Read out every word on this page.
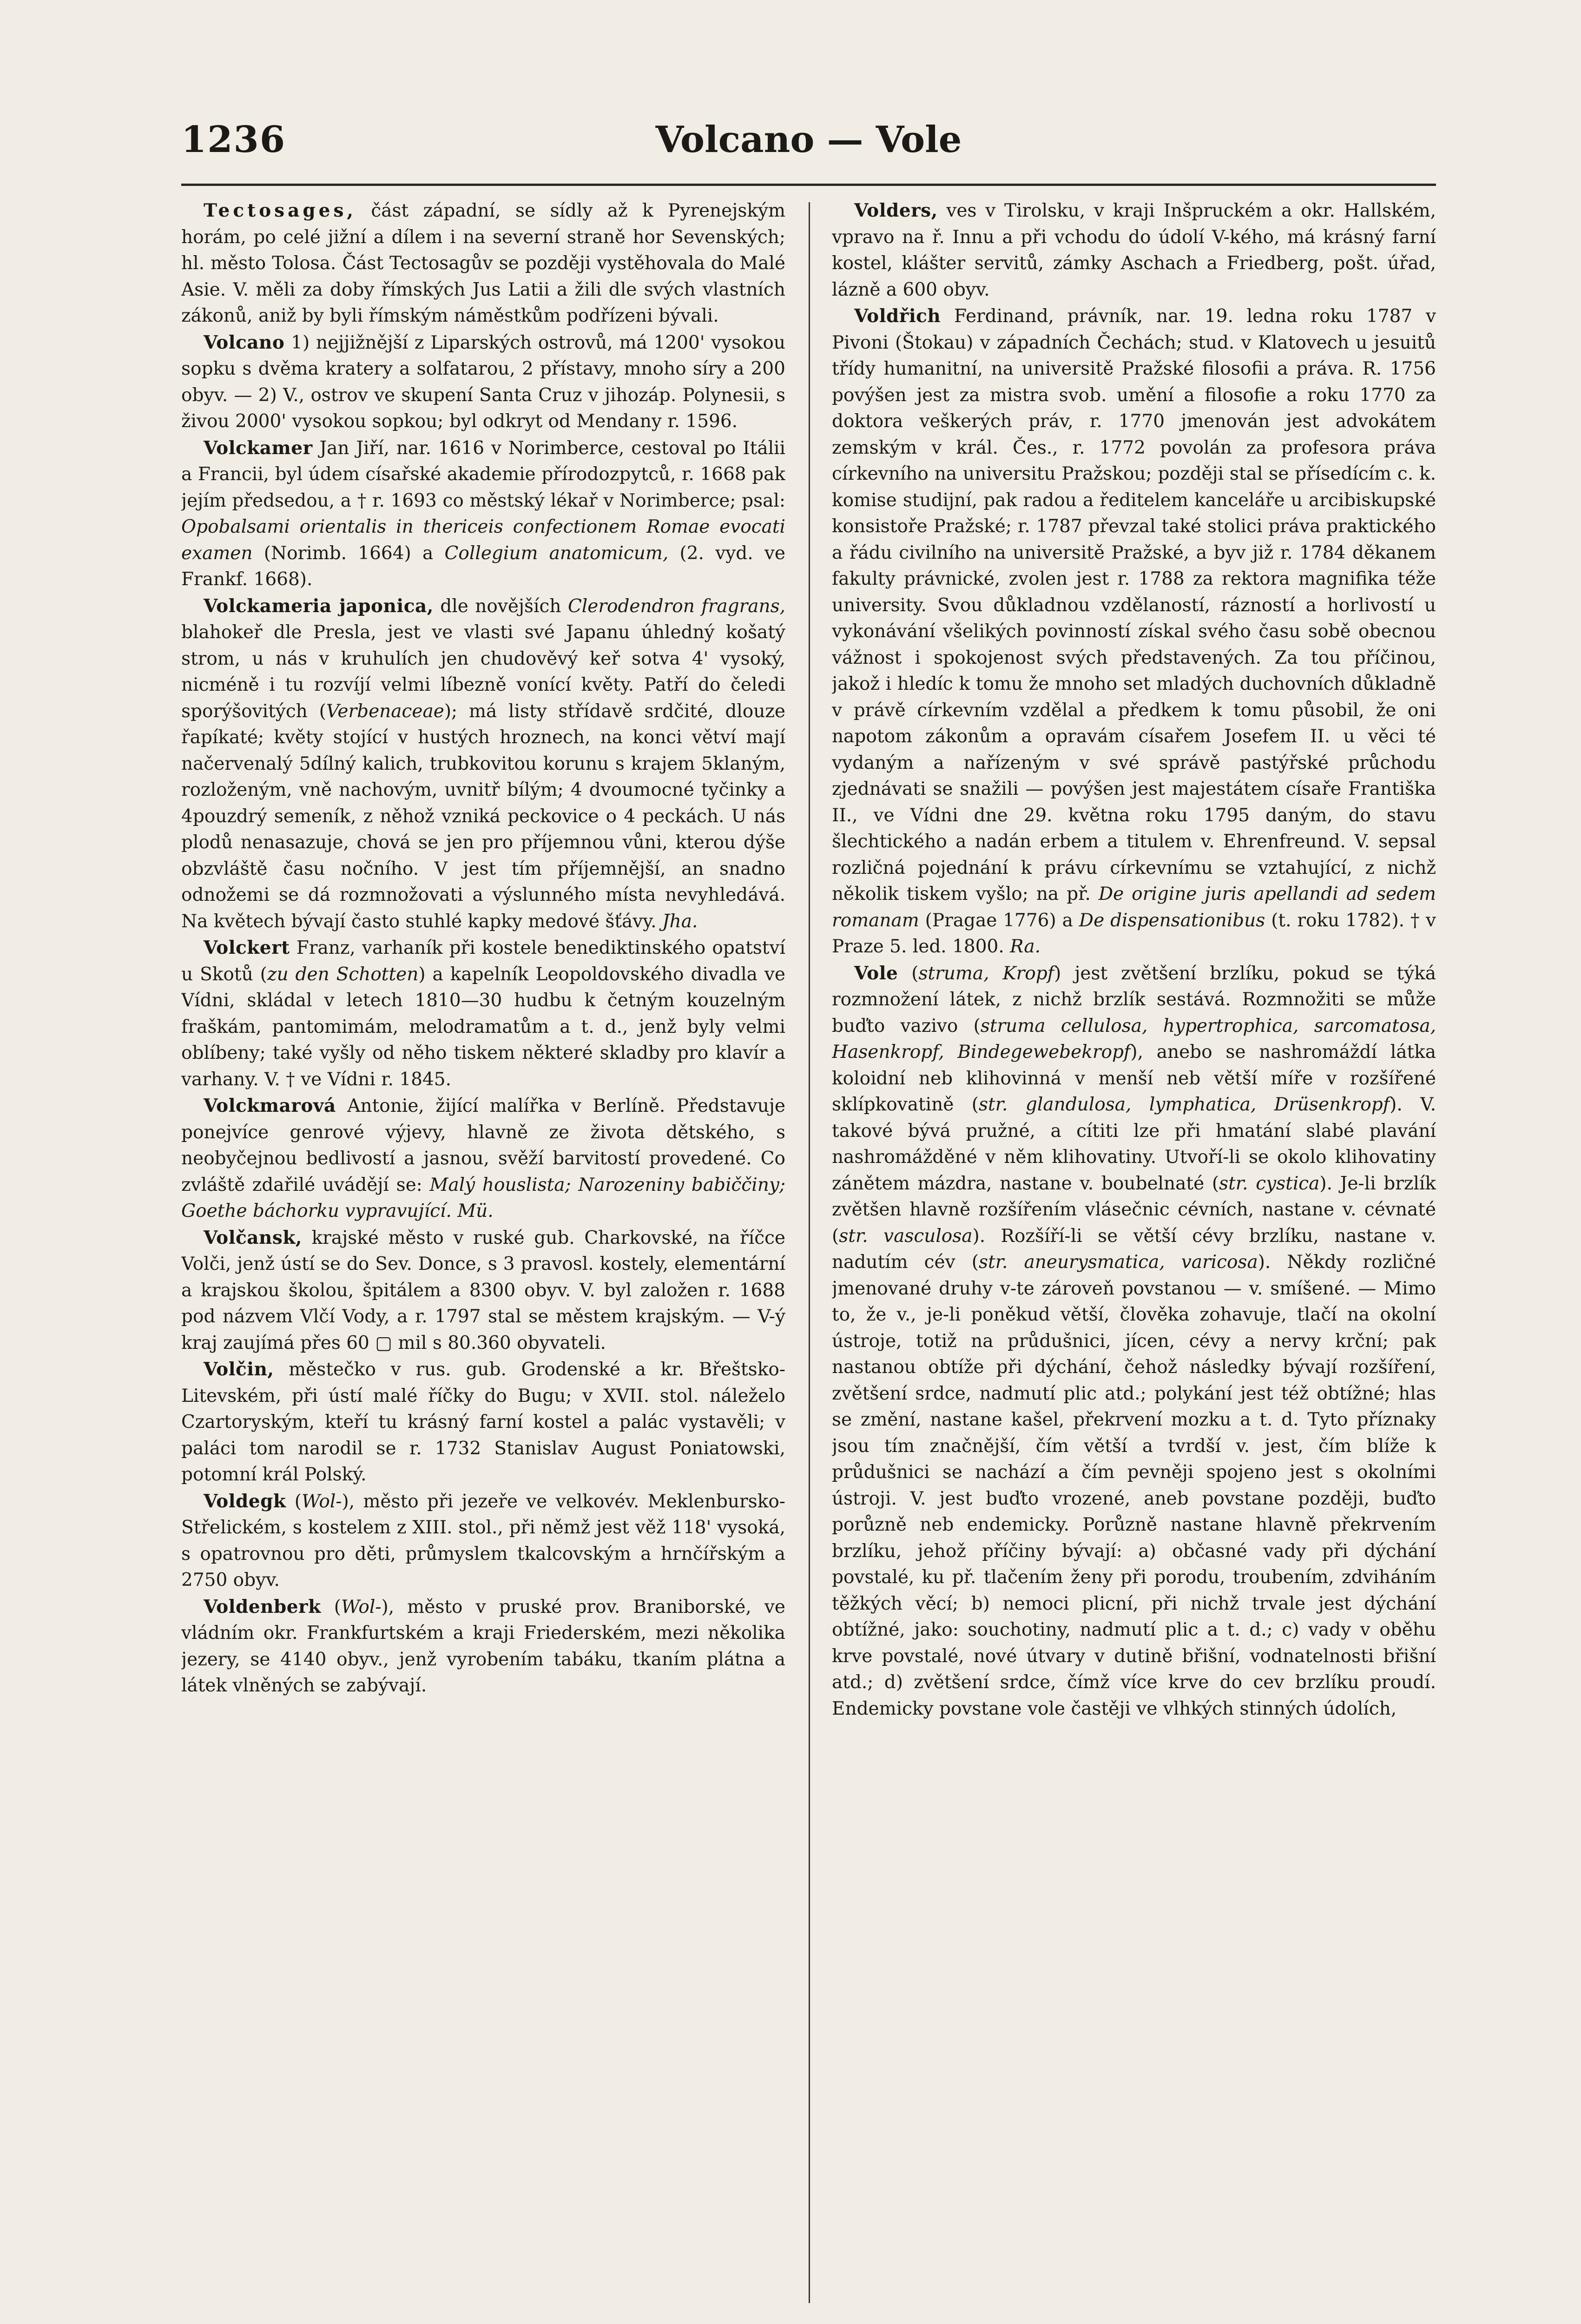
1236	Volcano — Vole

Tectosages, část západní, se sídly až k Pyrenejským horám, po celé jižní a dílem i na severní straně hor Sevenských; hl. město Tolosa. Část Tectosagův se později vystěhovala do Malé Asie. V. měli za doby římských Jus Latii a žili dle svých vlastních zákonů, aniž by byli římským náměstkům podřízeni bývali.

Volcano 1) nejjižnější z Liparských ostrovů, má 1200' vysokou sopku s dvěma kratery a solfatarou, 2 přístavy, mnoho síry a 200 obyv. — 2) V., ostrov ve skupení Santa Cruz v jihozáp. Polynesii, s živou 2000' vysokou sopkou; byl odkryt od Mendany r. 1596.

Volckamer Jan Jiří, nar. 1616 v Norimberce, cestoval po Itálii a Francii, byl údem císařské akademie přírodozpytců, r. 1668 pak jejím předsedou, a † r. 1693 co městský lékař v Norimberce; psal: Opobalsami orientalis in thericeis confectionem Romae evocati examen (Norimb. 1664) a Collegium anatomicum, (2. vyd. ve Frankf. 1668).

Volckameria japonica, dle novějších Clerodendron fragrans, blahokeř dle Presla, jest ve vlasti své Japanu úhledný košatý strom, u nás v kruhulích jen chudověvý keř sotva 4' vysoký, nicméně i tu rozvíjí velmi líbezně vonící květy. Patří do čeledi sporýšovitých (Verbenaceae); má listy střídavě srdčité, dlouze řapíkaté; květy stojící v hustých hroznech, na konci větví mají načervenalý 5dílný kalich, trubkovitou korunu s krajem 5klaným, rozloženým, vně nachovým, uvnitř bílým; 4 dvoumocné tyčinky a 4pouzdrý semeník, z něhož vzniká peckovice o 4 peckách. U nás plodů nenasazuje, chová se jen pro příjemnou vůni, kterou dýše obzvláště času nočního. V jest tím příjemnější, an snadno odnožemi se dá rozmnožovati a výslunného místa nevyhledává. Na květech bývají často stuhlé kapky medové šťávy. Jha.

Volckert Franz, varhaník při kostele benediktinského opatství u Skotů (zu den Schotten) a kapelník Leopoldovského divadla ve Vídni, skládal v letech 1810—30 hudbu k četným kouzelným fraškám, pantomimám, melodramatům a t. d., jenž byly velmi oblíbeny; také vyšly od něho tiskem některé skladby pro klavír a varhany. V. † ve Vídni r. 1845.

Volckmarová Antonie, žijící malířka v Berlíně. Představuje ponejvíce genrové výjevy, hlavně ze života dětského, s neobyčejnou bedlivostí a jasnou, svěží barvitostí provedené. Co zvláště zdařilé uvádějí se: Malý houslista; Narozeniny babiččiny; Goethe báchorku vypravující. Mü.

Volčansk, krajské město v ruské gub. Charkovské, na říčce Volči, jenž ústí se do Sev. Donce, s 3 pravosl. kostely, elementární a krajskou školou, špitálem a 8300 obyv. V. byl založen r. 1688 pod názvem Vlčí Vody, a r. 1797 stal se městem krajským. — V-ý kraj zaujímá přes 60 ▢ mil s 80.360 obyvateli.

Volčin, městečko v rus. gub. Grodenské a kr. Břeštsko-Litevském, při ústí malé říčky do Bugu; v XVII. stol. náleželo Czartoryským, kteří tu krásný farní kostel a palác vystavěli; v paláci tom narodil se r. 1732 Stanislav August Poniatowski, potomní král Polský.

Voldegk (Wol-), město při jezeře ve velkovév. Meklenbursko-Střelickém, s kostelem z XIII. stol., při němž jest věž 118' vysoká, s opatrovnou pro děti, průmyslem tkalcovským a hrnčířským a 2750 obyv.

Voldenberk (Wol-), město v pruské prov. Braniborské, ve vládním okr. Frankfurtském a kraji Friederském, mezi několika jezery, se 4140 obyv., jenž vyrobením tabáku, tkaním plátna a látek vlněných se zabývají.

Volders, ves v Tirolsku, v kraji Inšpruckém a okr. Hallském, vpravo na ř. Innu a při vchodu do údolí V-kého, má krásný farní kostel, klášter servitů, zámky Aschach a Friedberg, pošt. úřad, lázně a 600 obyv.

Voldřich Ferdinand, právník, nar. 19. ledna roku 1787 v Pivoni (Štokau) v západních Čechách; stud. v Klatovech u jesuitů třídy humanitní, na universitě Pražské filosofii a práva. R. 1756 povýšen jest za mistra svob. umění a filosofie a roku 1770 za doktora veškerých práv, r. 1770 jmenován jest advokátem zemským v král. Čes., r. 1772 povolán za profesora práva církevního na universitu Pražskou; později stal se přísedícím c. k. komise studijní, pak radou a ředitelem kanceláře u arcibiskupské konsistoře Pražské; r. 1787 převzal také stolici práva praktického a řádu civilního na universitě Pražské, a byv již r. 1784 děkanem fakulty právnické, zvolen jest r. 1788 za rektora magnifika téže university. Svou důkladnou vzdělaností, rázností a horlivostí u vykonávání všelikých povinností získal svého času sobě obecnou vážnost i spokojenost svých představených. Za tou příčinou, jakož i hledíc k tomu že mnoho set mladých duchovních důkladně v právě církevním vzdělal a předkem k tomu působil, že oni napotom zákonům a opravám císařem Josefem II. u věci té vydaným a nařízeným v své správě pastýřské průchodu zjednávati se snažili — povýšen jest majestátem císaře Františka II., ve Vídni dne 29. května roku 1795 daným, do stavu šlechtického a nadán erbem a titulem v. Ehrenfreund. V. sepsal rozličná pojednání k právu církevnímu se vztahující, z nichž několik tiskem vyšlo; na př. De origine juris apellandi ad sedem romanam (Pragae 1776) a De dispensationibus (t. roku 1782). † v Praze 5. led. 1800. Ra.

Vole (struma, Kropf) jest zvětšení brzlíku, pokud se týká rozmnožení látek, z nichž brzlík sestává. Rozmnožiti se může buďto vazivo (struma cellulosa, hypertrophica, sarcomatosa, Hasenkropf, Bindegewebekropf), anebo se nashromáždí látka koloidní neb klihovinná v menší neb větší míře v rozšířené sklípkovatině (str. glandulosa, lymphatica, Drüsenkropf). V. takové bývá pružné, a cítiti lze při hmatání slabé plavání nashromážděné v něm klihovatiny. Utvoří-li se okolo klihovatiny zánětem mázdra, nastane v. boubelnaté (str. cystica). Je-li brzlík zvětšen hlavně rozšířením vlásečnic cévních, nastane v. cévnaté (str. vasculosa). Rozšíří-li se větší cévy brzlíku, nastane v. nadutím cév (str. aneurysmatica, varicosa). Někdy rozličné jmenované druhy v-te zároveň povstanou — v. smíšené. — Mimo to, že v., je-li poněkud větší, člověka zohavuje, tlačí na okolní ústroje, totiž na průdušnici, jícen, cévy a nervy krční; pak nastanou obtíže při dýchání, čehož následky bývají rozšíření, zvětšení srdce, nadmutí plic atd.; polykání jest též obtížné; hlas se změní, nastane kašel, překrvení mozku a t. d. Tyto příznaky jsou tím značnější, čím větší a tvrdší v. jest, čím blíže k průdušnici se nachází a čím pevněji spojeno jest s okolními ústroji. V. jest buďto vrozené, aneb povstane později, buďto porůzně neb endemicky. Porůzně nastane hlavně překrvením brzlíku, jehož příčiny bývají: a) občasné vady při dýchání povstalé, ku př. tlačením ženy při porodu, troubením, zdviháním těžkých věcí; b) nemoci plicní, při nichž trvale jest dýchání obtížné, jako: souchotiny, nadmutí plic a t. d.; c) vady v oběhu krve povstalé, nové útvary v dutině břišní, vodnatelnosti břišní atd.; d) zvětšení srdce, čímž více krve do cev brzlíku proudí. Endemicky povstane vole častěji ve vlhkých stinných údolích,
